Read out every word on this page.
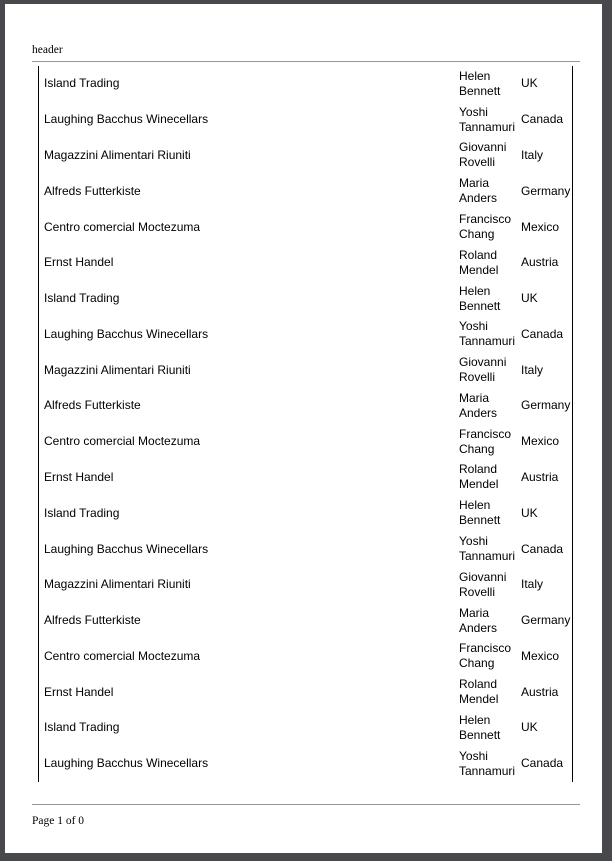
header
Island Trading	Helen Bennett	UK
Laughing Bacchus Winecellars	Yoshi Tannamuri	Canada
Magazzini Alimentari Riuniti	Giovanni Rovelli	Italy
Alfreds Futterkiste	Maria Anders	Germany
Centro comercial Moctezuma	Francisco Chang	Mexico
Ernst Handel	Roland Mendel	Austria
Island Trading	Helen Bennett	UK
Laughing Bacchus Winecellars	Yoshi Tannamuri	Canada
Magazzini Alimentari Riuniti	Giovanni Rovelli	Italy
Alfreds Futterkiste	Maria Anders	Germany
Centro comercial Moctezuma	Francisco Chang	Mexico
Ernst Handel	Roland Mendel	Austria
Island Trading	Helen Bennett	UK
Laughing Bacchus Winecellars	Yoshi Tannamuri	Canada
Magazzini Alimentari Riuniti	Giovanni Rovelli	Italy
Alfreds Futterkiste	Maria Anders	Germany
Centro comercial Moctezuma	Francisco Chang	Mexico
Ernst Handel	Roland Mendel	Austria
Island Trading	Helen Bennett	UK
Laughing Bacchus Winecellars	Yoshi Tannamuri	Canada
Page 1 of 0
